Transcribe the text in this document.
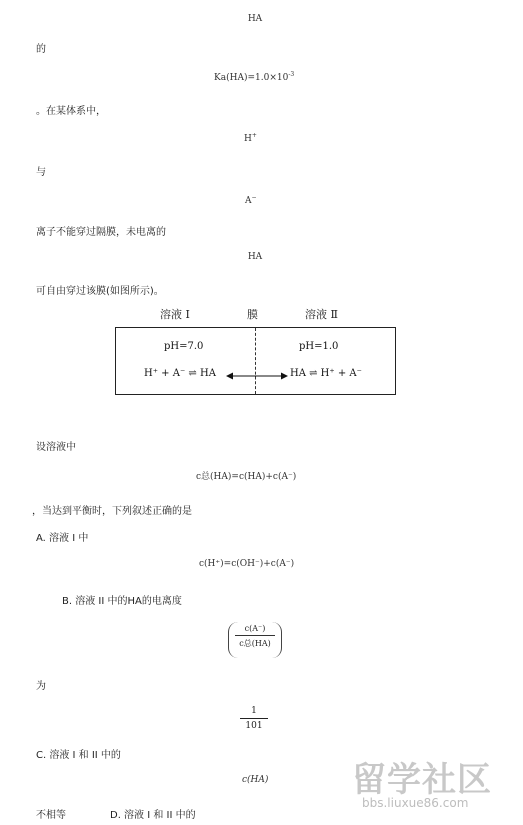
HA
的
$Ka(HA)=1.0\times 10^{-3}$
。在某体系中，
H+
与
A−
离子不能穿过隔膜，未电离的
HA
可自由穿过该膜(如图所示)。
溶液 Ⅰ	膜	溶液 Ⅱ
pH=7.0	pH=1.0
H⁺ + A⁻ ⇌ HA	HA ⇌ H⁺ + A⁻
设溶液中
c总(HA)=c(HA)+c(A⁻)
，当达到平衡时，下列叙述正确的是
A. 溶液 I 中
c(H⁺)=c(OH⁻)+c(A⁻)
B. 溶液 II 中的HA的电离度
c(A⁻)
c总(HA)
为
1
101
C. 溶液 I 和 II 中的
c(HA)
不相等	D. 溶液 I 和 II 中的
留学社区
bbs.liuxue86.com
